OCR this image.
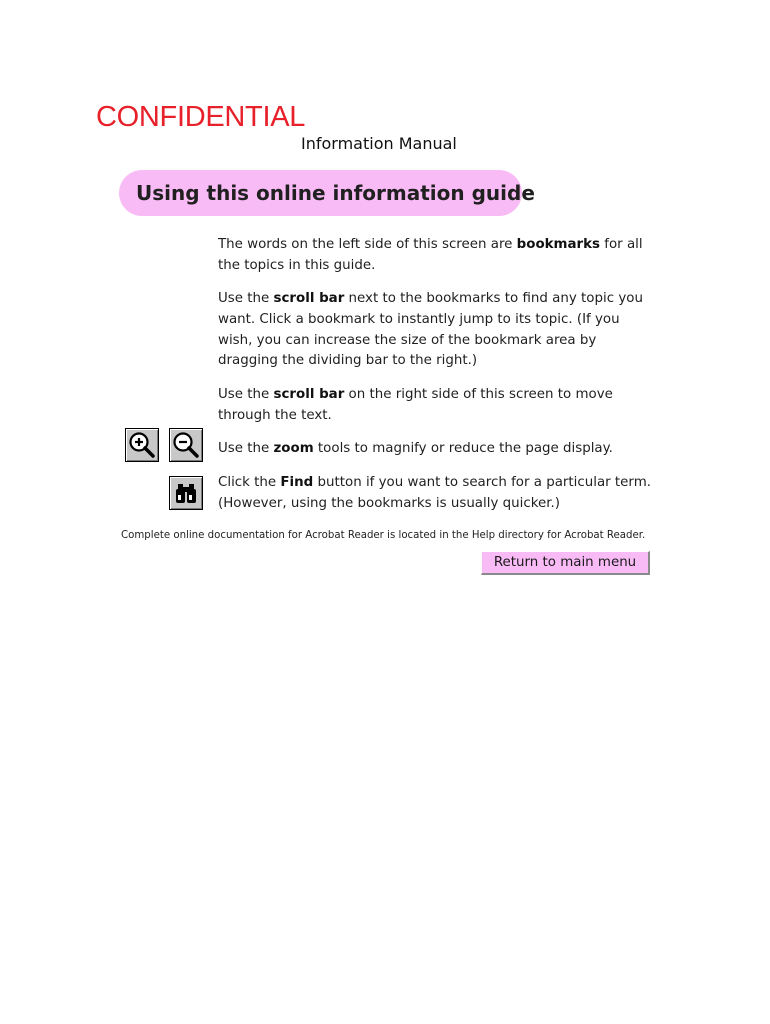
CONFIDENTIAL
Information Manual
Using this online information guide
The words on the left side of this screen are bookmarks for all the topics in this guide.
Use the scroll bar next to the bookmarks to find any topic you want. Click a bookmark to instantly jump to its topic. (If you wish, you can increase the size of the bookmark area by dragging the dividing bar to the right.)
Use the scroll bar on the right side of this screen to move through the text.
Use the zoom tools to magnify or reduce the page display.
Click the Find button if you want to search for a particular term. (However, using the bookmarks is usually quicker.)
Complete online documentation for Acrobat Reader is located in the Help directory for Acrobat Reader.
Return to main menu
